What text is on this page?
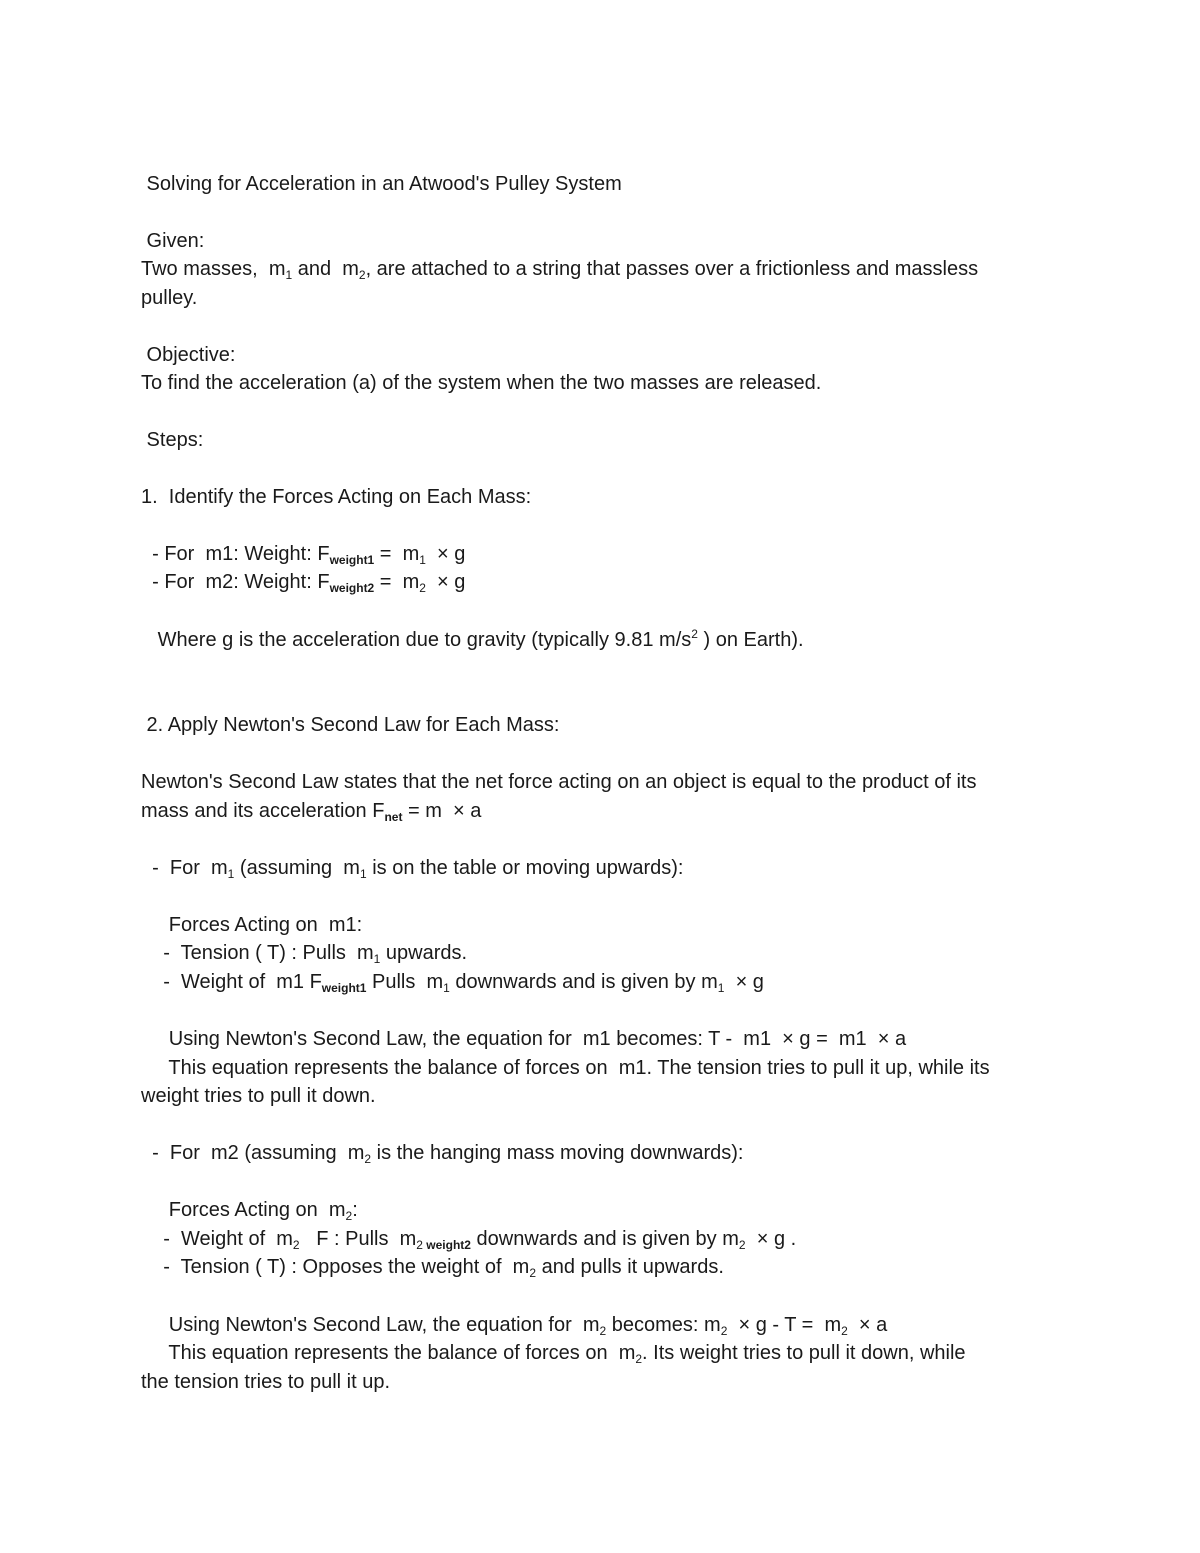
Solving for Acceleration in an Atwood's Pulley System
Given:
Two masses,  $m_1$ and  $m_2$, are attached to a string that passes over a frictionless and massless
pulley.
Objective:
To find the acceleration (a) of the system when the two masses are released.
Steps:
1.  Identify the Forces Acting on Each Mass:
- For  m1: Weight: $F_{weight1} = m_1 \times g$
- For  m2: Weight: $F_{weight2} = m_2 \times g$
Where g is the acceleration due to gravity (typically 9.81 $m/s^2$ ) on Earth).
2. Apply Newton's Second Law for Each Mass:
Newton's Second Law states that the net force acting on an object is equal to the product of its
mass and its acceleration $F_{net} = m \times a$
-  For  $m_1$ (assuming  $m_1$ is on the table or moving upwards):
Forces Acting on  m1:
-  Tension ( T) : Pulls  $m_1$ upwards.
-  Weight of  m1 $F_{weight1}$ Pulls  $m_1$ downwards and is given by $m_1 \times g$
Using Newton's Second Law, the equation for  m1 becomes: T -  m1  × g =  m1  × a
This equation represents the balance of forces on  m1. The tension tries to pull it up, while its
weight tries to pull it down.
-  For  m2 (assuming  $m_2$ is the hanging mass moving downwards):
Forces Acting on  $m_2$:
-  Weight of  $m_2$   F : Pulls  $m_2$ $_{weight2}$ downwards and is given by $m_2 \times g$ .
-  Tension ( T) : Opposes the weight of  $m_2$ and pulls it upwards.
Using Newton's Second Law, the equation for  $m_2$ becomes: $m_2 \times g - T = m_2 \times a$
This equation represents the balance of forces on  $m_2$. Its weight tries to pull it down, while
the tension tries to pull it up.
